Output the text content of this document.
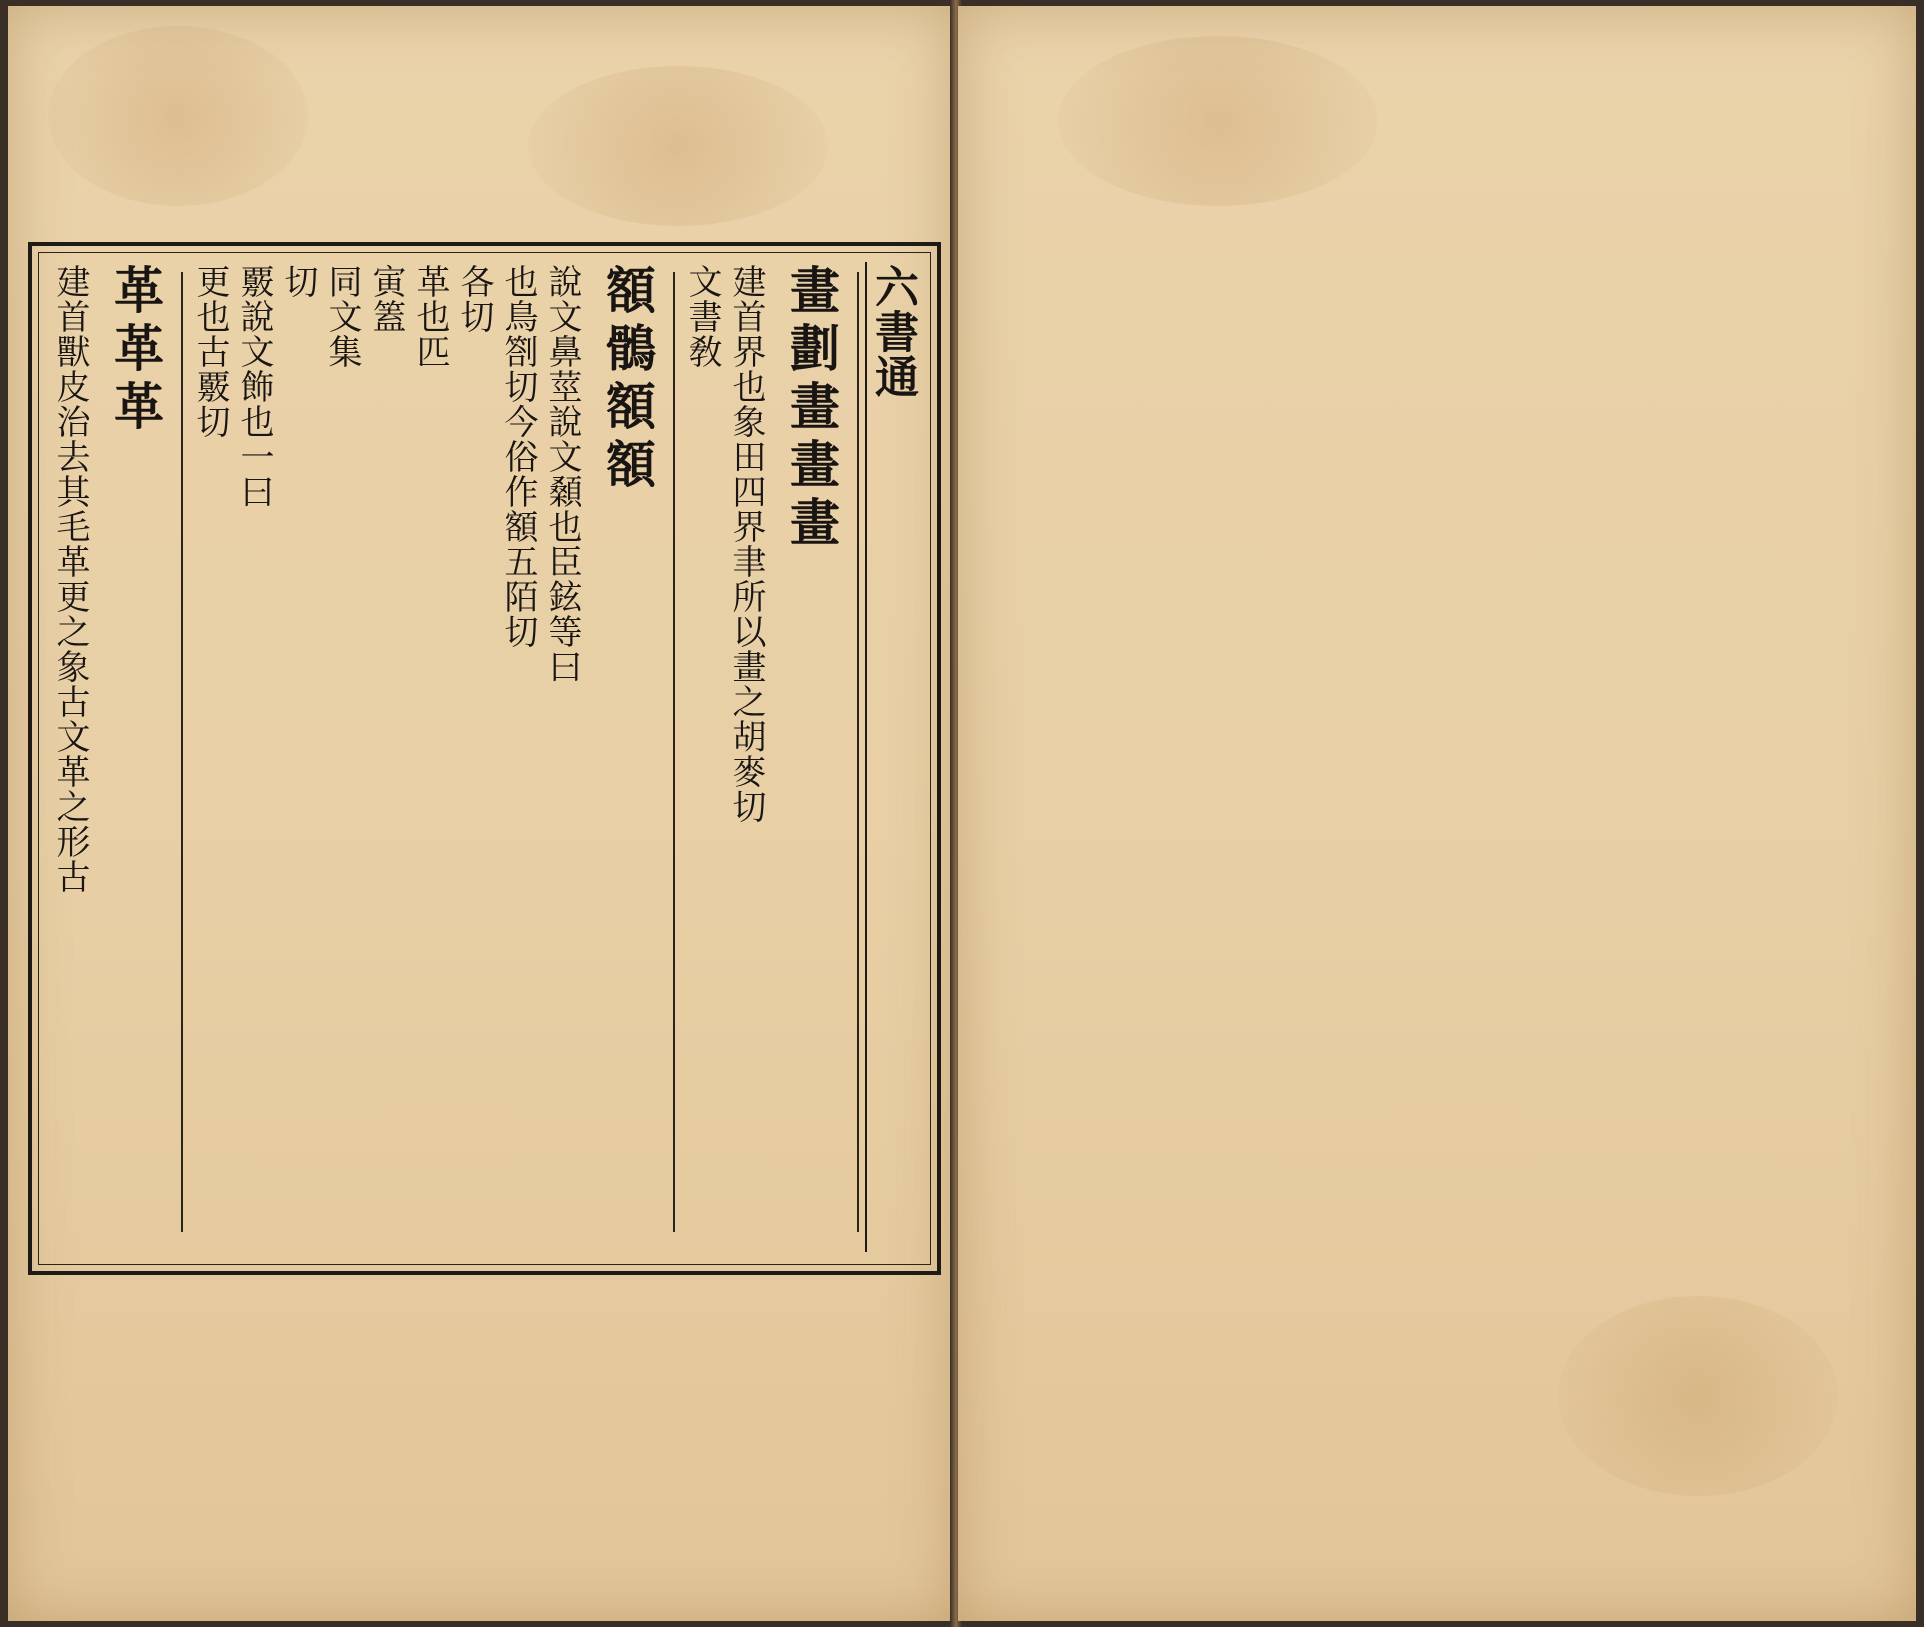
六書通
畫劃畫畫畫
建首界也象田四界聿所以畫之胡麥切
文書敎
額鶻額額
說文鼻莖說文顙也臣鉉等曰
也鳥劄切今俗作額五陌切
各切
革也匹
寅篕
同文集
切
覈說文飾也一曰
更也古覈切
革革革
建首獸皮治去其毛革更之象古文革之形古
